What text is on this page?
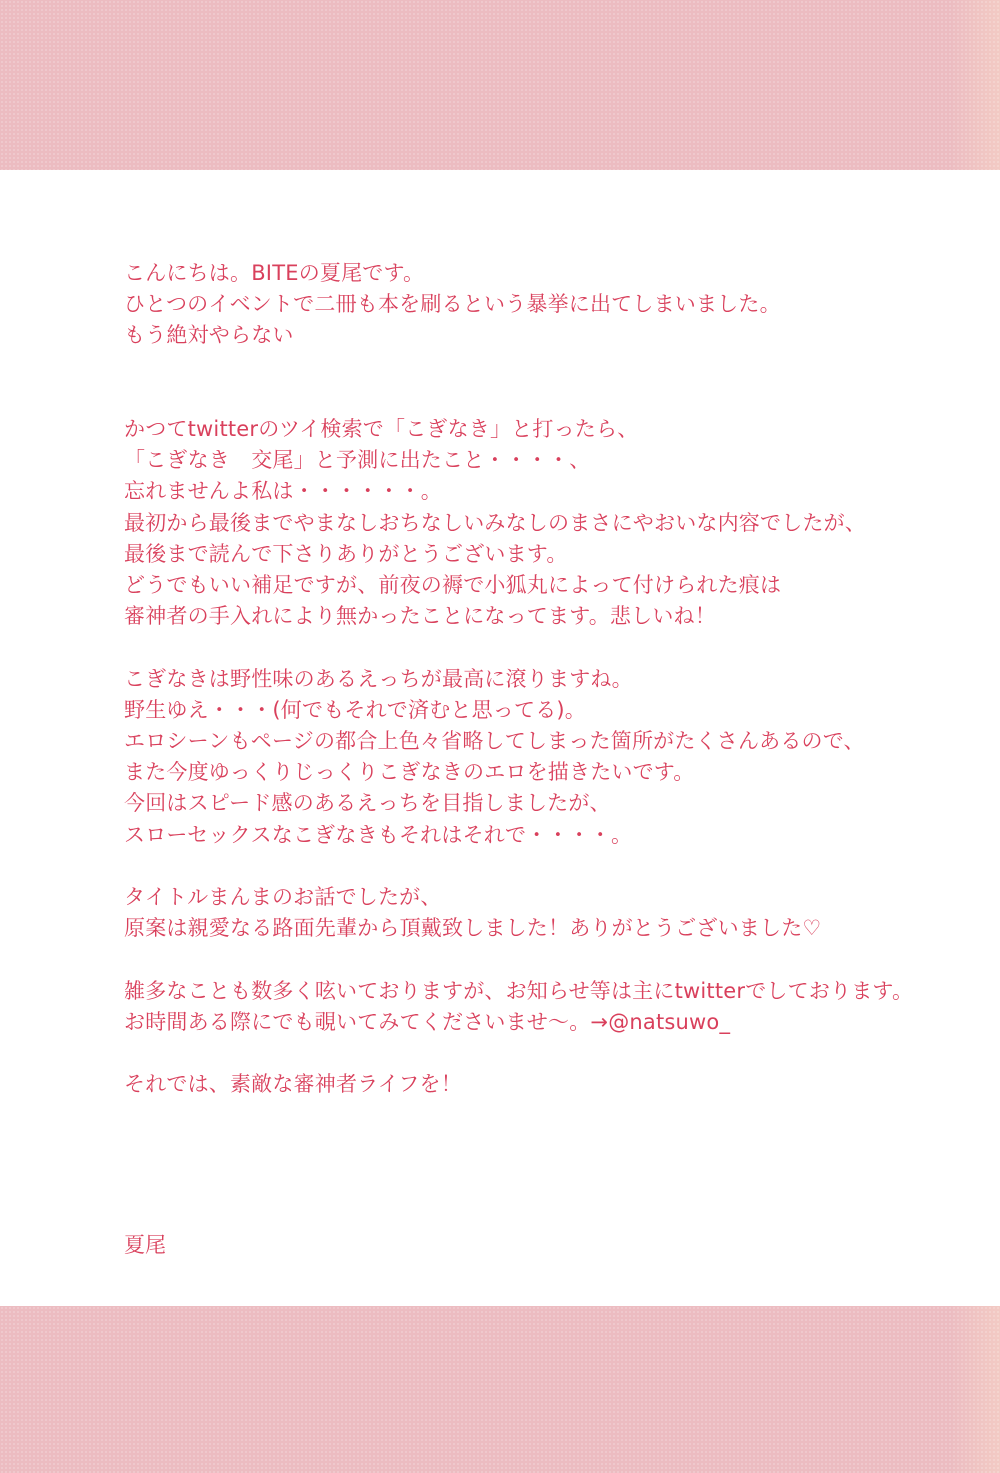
こんにちは。BITEの夏尾です。

ひとつのイベントで二冊も本を刷るという暴挙に出てしまいました。

もう絶対やらない

かつてtwitterのツイ検索で「こぎなき」と打ったら、

「こぎなき　交尾」と予測に出たこと・・・・、

忘れませんよ私は・・・・・・。

最初から最後までやまなしおちなしいみなしのまさにやおいな内容でしたが、

最後まで読んで下さりありがとうございます。

どうでもいい補足ですが、前夜の褥で小狐丸によって付けられた痕は

審神者の手入れにより無かったことになってます。悲しいね！

こぎなきは野性味のあるえっちが最高に滾りますね。

野生ゆえ・・・(何でもそれで済むと思ってる)。

エロシーンもページの都合上色々省略してしまった箇所がたくさんあるので、

また今度ゆっくりじっくりこぎなきのエロを描きたいです。

今回はスピード感のあるえっちを目指しましたが、

スローセックスなこぎなきもそれはそれで・・・・。

タイトルまんまのお話でしたが、

原案は親愛なる路面先輩から頂戴致しました！ありがとうございました♡

雑多なことも数多く呟いておりますが、お知らせ等は主にtwitterでしております。

お時間ある際にでも覗いてみてくださいませ〜。→@natsuwo_

それでは、素敵な審神者ライフを！

夏尾
